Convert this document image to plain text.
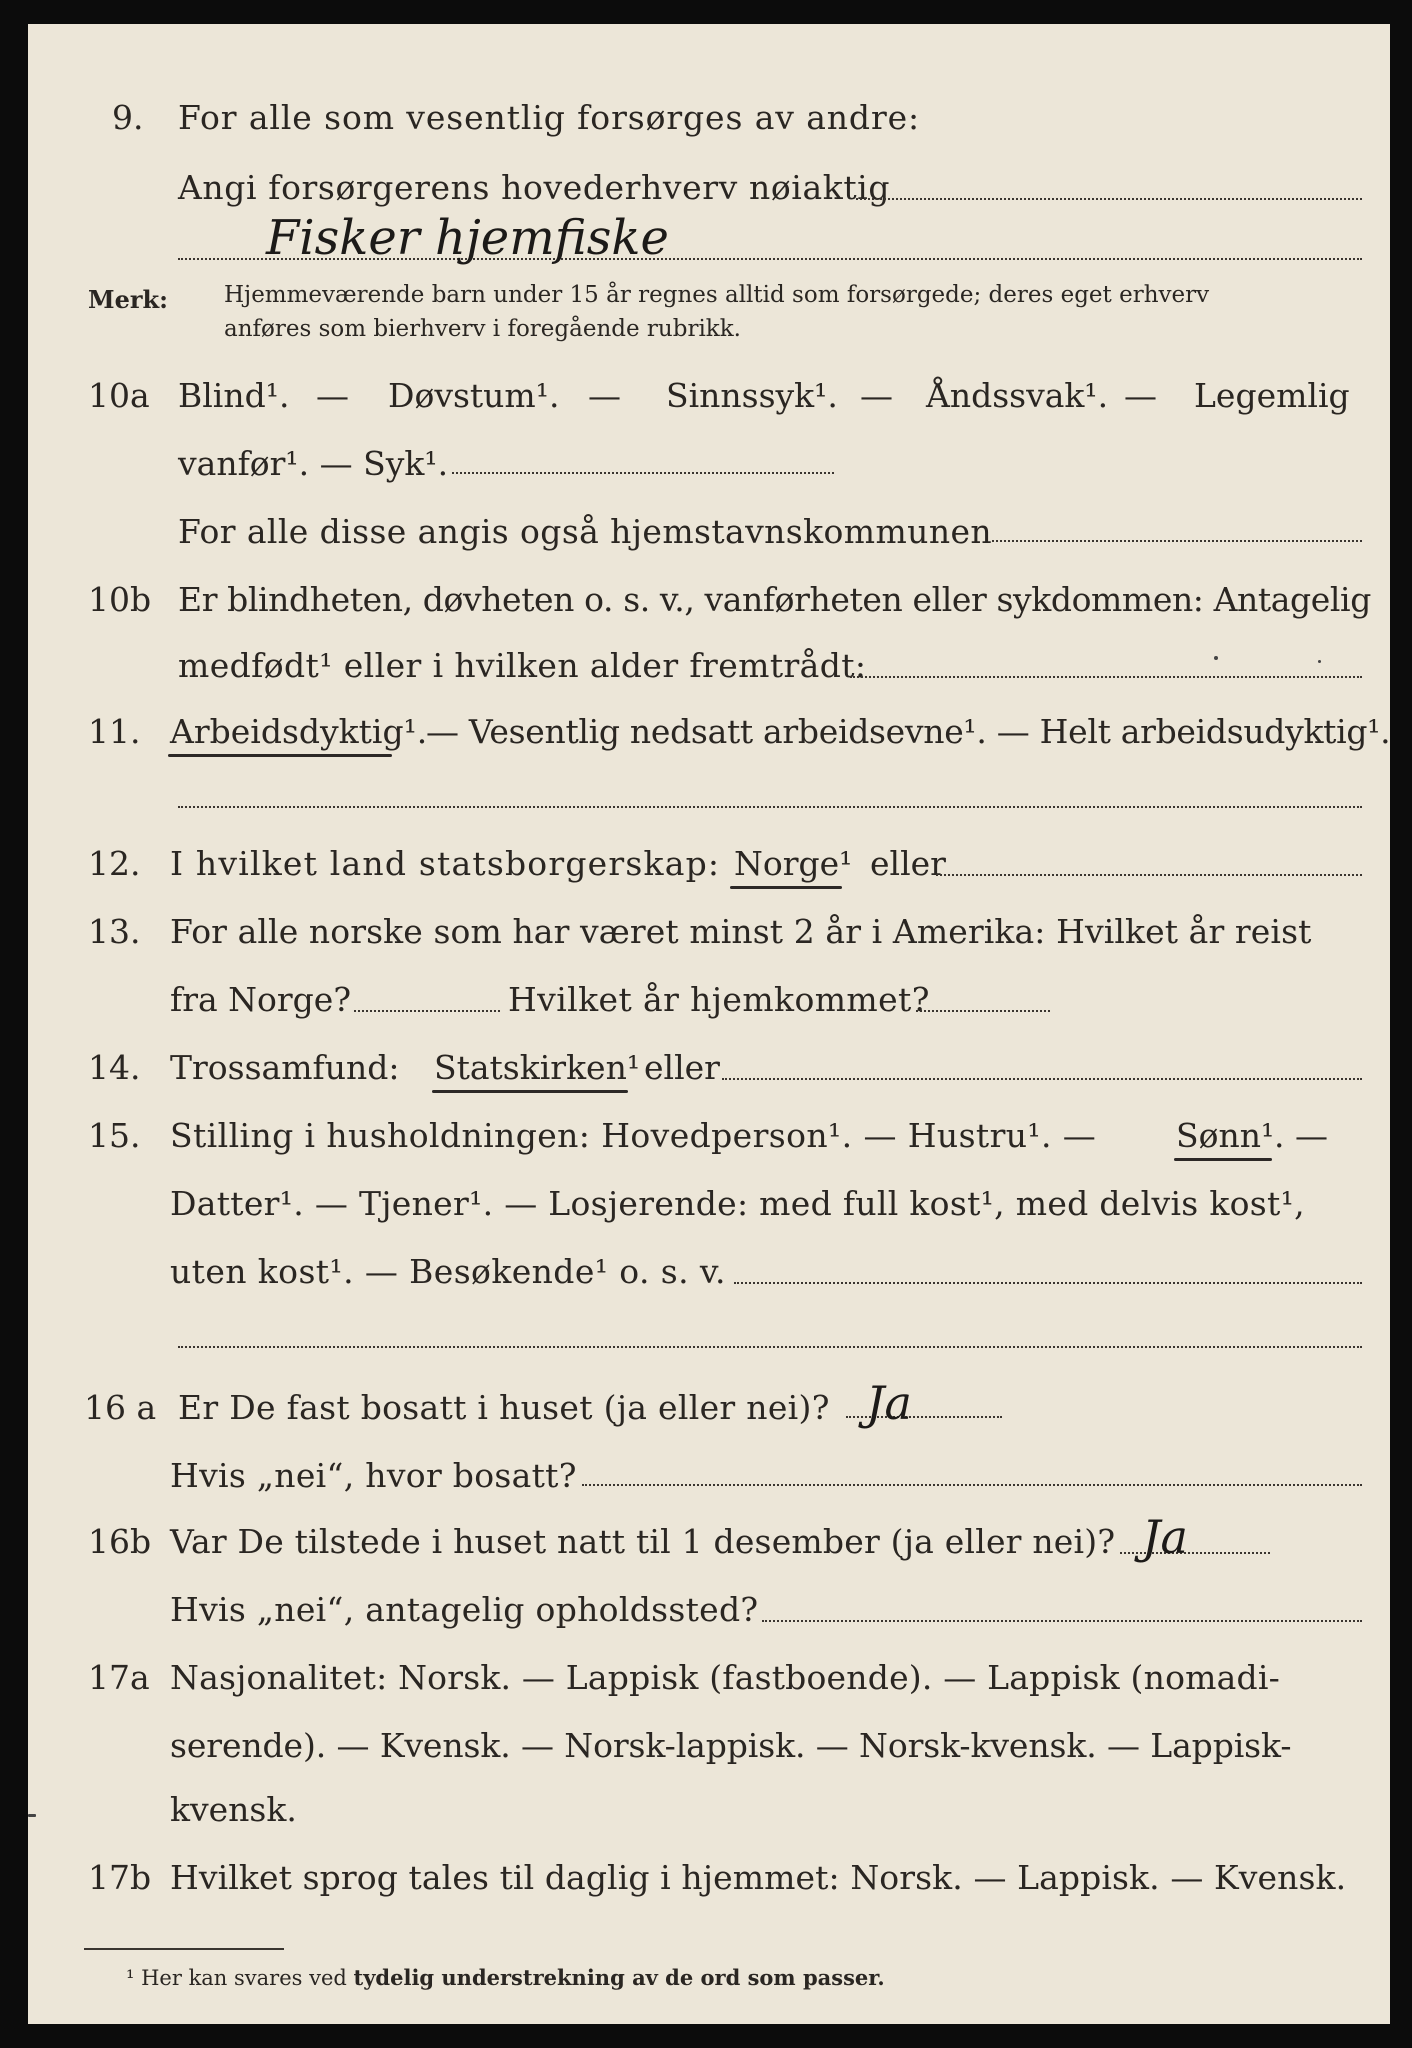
9. For alle som vesentlig forsørges av andre:
Angi forsørgerens hovederhverv nøiaktig
Fisker hjemfiske
Merk: Hjemmeværende barn under 15 år regnes alltid som forsørgede; deres eget erhverv
anføres som bierhverv i foregående rubrikk.
10a Blind¹. — Døvstum¹. — Sinnssyk¹. — Åndssvak¹. — Legemlig
vanfør¹. — Syk¹.
For alle disse angis også hjemstavnskommunen
10b Er blindheten, døvheten o. s. v., vanførheten eller sykdommen: Antagelig
medfødt¹ eller i hvilken alder fremtrådt:
11. Arbeidsdyktig¹.
— Vesentlig nedsatt arbeidsevne¹. — Helt arbeidsudyktig¹.
12. I hvilket land statsborgerskap: Norge¹ eller
13. For alle norske som har været minst 2 år i Amerika: Hvilket år reist
fra Norge?	Hvilket år hjemkommet?
14. Trossamfund: Statskirken¹ eller
15. Stilling i husholdningen: Hovedperson¹. — Hustru¹. — Sønn¹ . —
Datter¹. — Tjener¹. — Losjerende: med full kost¹, med delvis kost¹,
uten kost¹. — Besøkende¹ o. s. v.
16 a Er De fast bosatt i huset (ja eller nei)? Ja
Hvis „nei“, hvor bosatt?
16b Var De tilstede i huset natt til 1 desember (ja eller nei)? Ja
Hvis „nei“, antagelig opholdssted?
17a Nasjonalitet: Norsk. — Lappisk (fastboende). — Lappisk (nomadi-
serende). — Kvensk. — Norsk-lappisk. — Norsk-kvensk. — Lappisk-
kvensk.
17b Hvilket sprog tales til daglig i hjemmet: Norsk. — Lappisk. — Kvensk.
¹ Her kan svares ved tydelig understrekning av de ord som passer.
